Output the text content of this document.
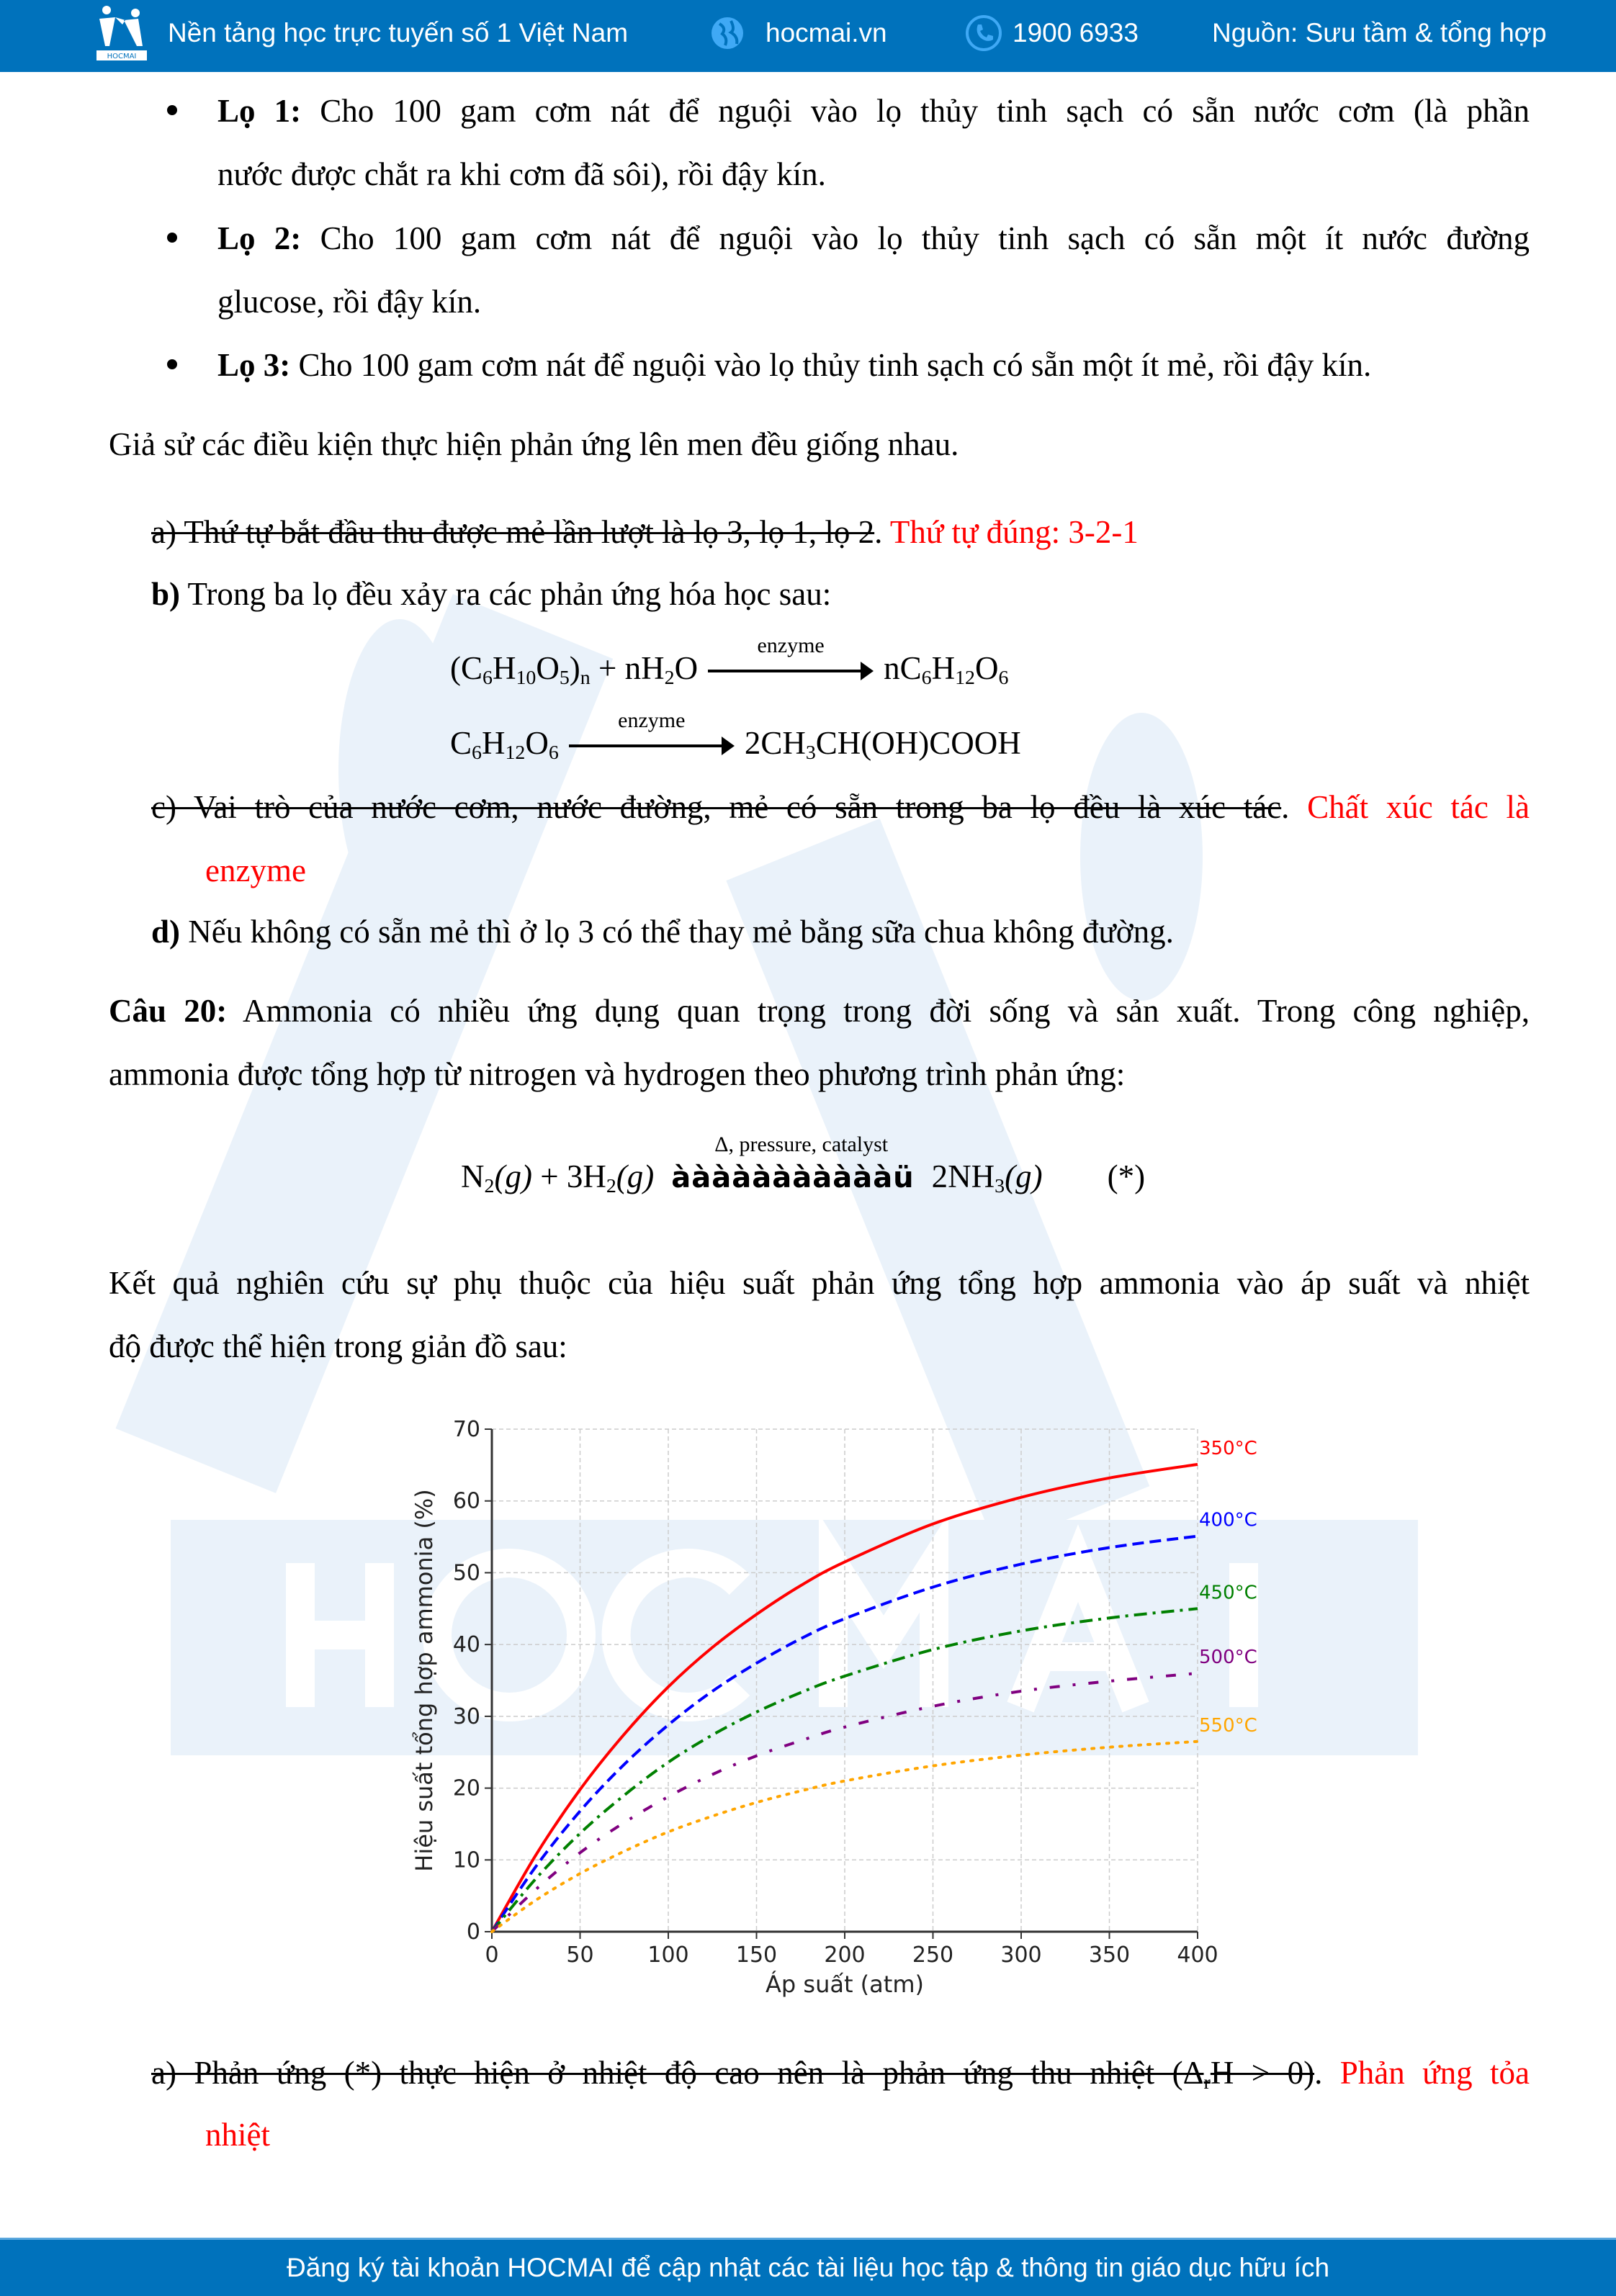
HOCMAI
Nền tảng học trực tuyến số 1 Việt Nam	hocmai.vn	1900 6933	Nguồn: Sưu tầm & tổng hợp
Lọ 1: Cho 100 gam cơm nát để nguội vào lọ thủy tinh sạch có sẵn nước cơm (là phần
nước được chắt ra khi cơm đã sôi), rồi đậy kín.
Lọ 2: Cho 100 gam cơm nát để nguội vào lọ thủy tinh sạch có sẵn một ít nước đường
glucose, rồi đậy kín.
Lọ 3: Cho 100 gam cơm nát để nguội vào lọ thủy tinh sạch có sẵn một ít mẻ, rồi đậy kín.
Giả sử các điều kiện thực hiện phản ứng lên men đều giống nhau.
a) Thứ tự bắt đầu thu được mẻ lần lượt là lọ 3, lọ 1, lọ 2. Thứ tự đúng: 3-2-1
b) Trong ba lọ đều xảy ra các phản ứng hóa học sau:
$(C_6H_{10}O_5)_n + nH_2O$
enzyme
$nC_6H_{12}O_6$
$C_6H_{12}O_6$
enzyme
$2CH_3CH(OH)COOH$
c) Vai trò của nước cơm, nước đường, mẻ có sẵn trong ba lọ đều là xúc tác. Chất xúc tác là
enzyme
d) Nếu không có sẵn mẻ thì ở lọ 3 có thể thay mẻ bằng sữa chua không đường.
Câu 20: Ammonia có nhiều ứng dụng quan trọng trong đời sống và sản xuất. Trong công nghiệp,
ammonia được tổng hợp từ nitrogen và hydrogen theo phương trình phản ứng:
$N_2(g) + 3H_2(g)$
Δ, pressure, catalyst
àààààààààààü $2NH_3(g)$ (*)
Kết quả nghiên cứu sự phụ thuộc của hiệu suất phản ứng tổng hợp ammonia vào áp suất và nhiệt
độ được thể hiện trong giản đồ sau:
0	50 100 150 200 250 300 350 400
0
10
20
30
40
50
60
70
Áp suất (atm)
Hiệu suất tổng hợp ammonia (%)
350°C
400°C
450°C
500°C
550°C
a) Phản ứng (*) thực hiện ở nhiệt độ cao nên là phản ứng thu nhiệt $(\Delta_rH > 0)$. Phản ứng tỏa
nhiệt
Đăng ký tài khoản HOCMAI để cập nhật các tài liệu học tập & thông tin giáo dục hữu ích
